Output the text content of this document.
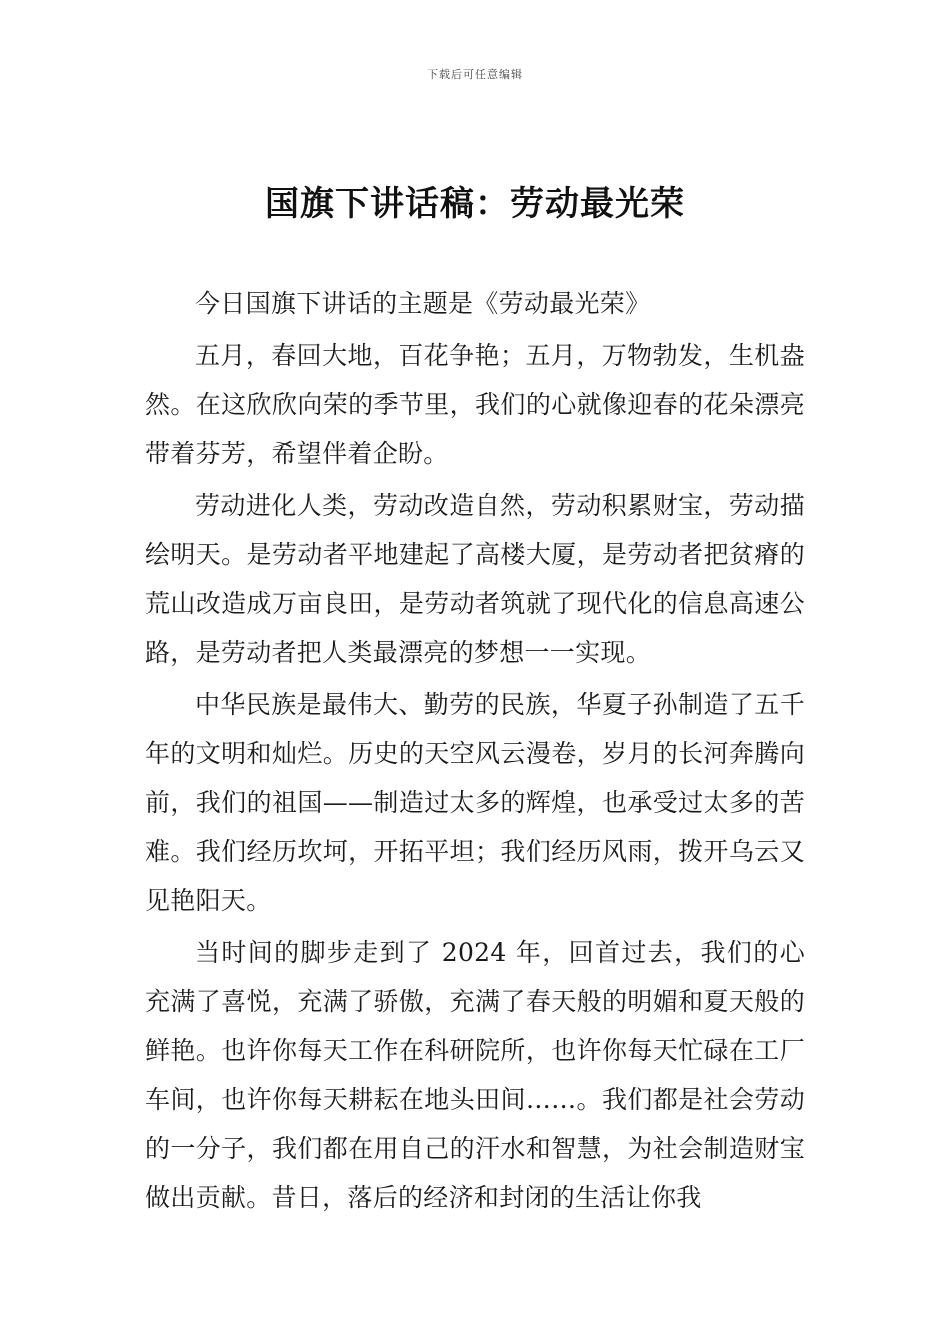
下载后可任意编辑
国旗下讲话稿：劳动最光荣

今日国旗下讲话的主题是《劳动最光荣》

五月，春回大地，百花争艳；五月，万物勃发，生机盎然。在这欣欣向荣的季节里，我们的心就像迎春的花朵漂亮带着芬芳，希望伴着企盼。

劳动进化人类，劳动改造自然，劳动积累财宝，劳动描绘明天。是劳动者平地建起了高楼大厦，是劳动者把贫瘠的荒山改造成万亩良田，是劳动者筑就了现代化的信息高速公路，是劳动者把人类最漂亮的梦想一一实现。

中华民族是最伟大、勤劳的民族，华夏子孙制造了五千年的文明和灿烂。历史的天空风云漫卷，岁月的长河奔腾向前，我们的祖国——制造过太多的辉煌，也承受过太多的苦难。我们经历坎坷，开拓平坦；我们经历风雨，拨开乌云又见艳阳天。

当时间的脚步走到了 2024 年，回首过去，我们的心充满了喜悦，充满了骄傲，充满了春天般的明媚和夏天般的鲜艳。也许你每天工作在科研院所，也许你每天忙碌在工厂车间，也许你每天耕耘在地头田间……。我们都是社会劳动的一分子，我们都在用自己的汗水和智慧，为社会制造财宝做出贡献。昔日，落后的经济和封闭的生活让你我
